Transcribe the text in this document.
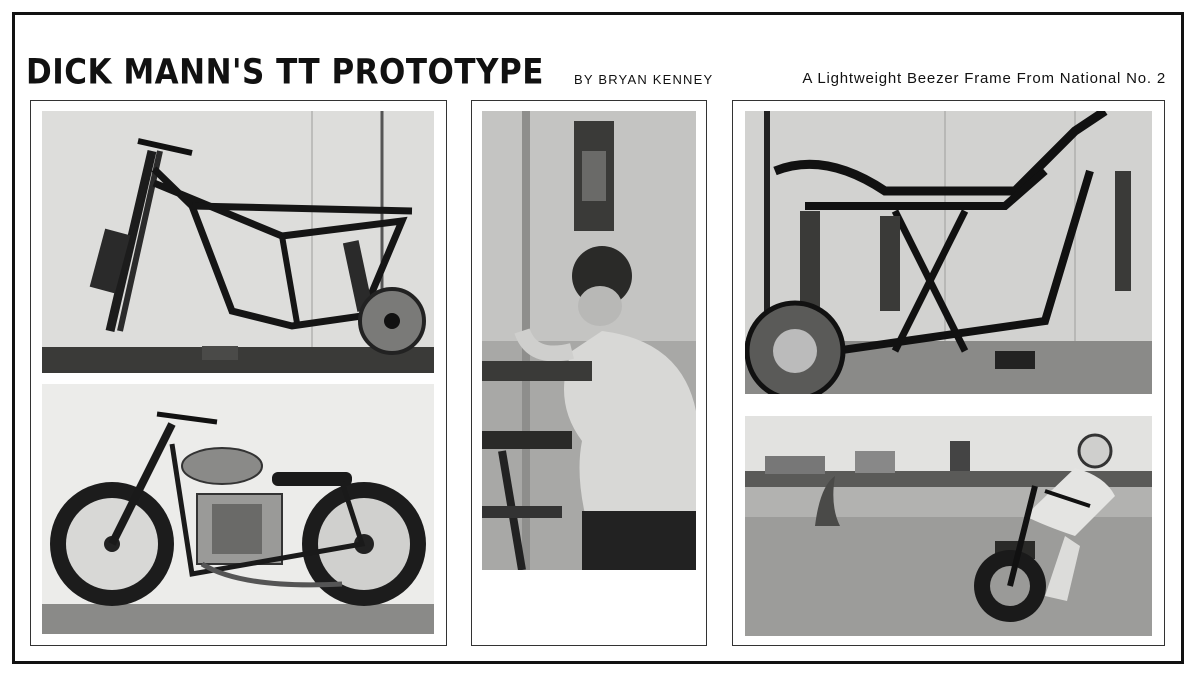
DICK MANN'S TT PROTOTYPE BY BRYAN KENNEY	A Lightweight Beezer Frame From National No. 2
